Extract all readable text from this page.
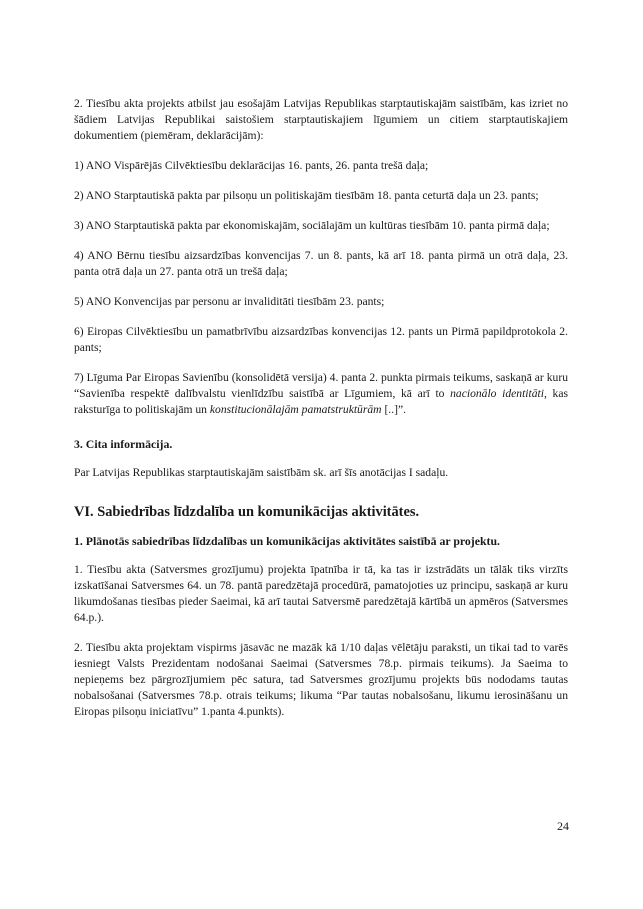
2. Tiesību akta projekts atbilst jau esošajām Latvijas Republikas starptautiskajām saistībām, kas izriet no šādiem Latvijas Republikai saistošiem starptautiskajiem līgumiem un citiem starptautiskajiem dokumentiem (piemēram, deklarācijām):

1) ANO Vispārējās Cilvēktiesību deklarācijas 16. pants, 26. panta trešā daļa;

2) ANO Starptautiskā pakta par pilsoņu un politiskajām tiesībām 18. panta ceturtā daļa un 23. pants;

3) ANO Starptautiskā pakta par ekonomiskajām, sociālajām un kultūras tiesībām 10. panta pirmā daļa;

4) ANO Bērnu tiesību aizsardzības konvencijas 7. un 8. pants, kā arī 18. panta pirmā un otrā daļa, 23. panta otrā daļa un 27. panta otrā un trešā daļa;

5) ANO Konvencijas par personu ar invaliditāti tiesībām 23. pants;

6) Eiropas Cilvēktiesību un pamatbrīvību aizsardzības konvencijas 12. pants un Pirmā papildprotokola 2. pants;

7) Līguma Par Eiropas Savienību (konsolidētā versija) 4. panta 2. punkta pirmais teikums, saskaņā ar kuru “Savienība respektē dalībvalstu vienlīdzību saistībā ar Līgumiem, kā arī to nacionālo identitāti, kas raksturīga to politiskajām un konstitucionālajām pamatstruktūrām [..]”.

3. Cita informācija.

Par Latvijas Republikas starptautiskajām saistībām sk. arī šīs anotācijas I sadaļu.

VI. Sabiedrības līdzdalība un komunikācijas aktivitātes.

1. Plānotās sabiedrības līdzdalības un komunikācijas aktivitātes saistībā ar projektu.

1. Tiesību akta (Satversmes grozījumu) projekta īpatnība ir tā, ka tas ir izstrādāts un tālāk tiks virzīts izskatīšanai Satversmes 64. un 78. pantā paredzētajā procedūrā, pamatojoties uz principu, saskaņā ar kuru likumdošanas tiesības pieder Saeimai, kā arī tautai Satversmē paredzētajā kārtībā un apmēros (Satversmes 64.p.).

2. Tiesību akta projektam vispirms jāsavāc ne mazāk kā 1/10 daļas vēlētāju paraksti, un tikai tad to varēs iesniegt Valsts Prezidentam nodošanai Saeimai (Satversmes 78.p. pirmais teikums). Ja Saeima to nepieņems bez pārgrozījumiem pēc satura, tad Satversmes grozījumu projekts būs nododams tautas nobalsošanai (Satversmes 78.p. otrais teikums; likuma “Par tautas nobalsošanu, likumu ierosināšanu un Eiropas pilsoņu iniciatīvu” 1.panta 4.punkts).

24
